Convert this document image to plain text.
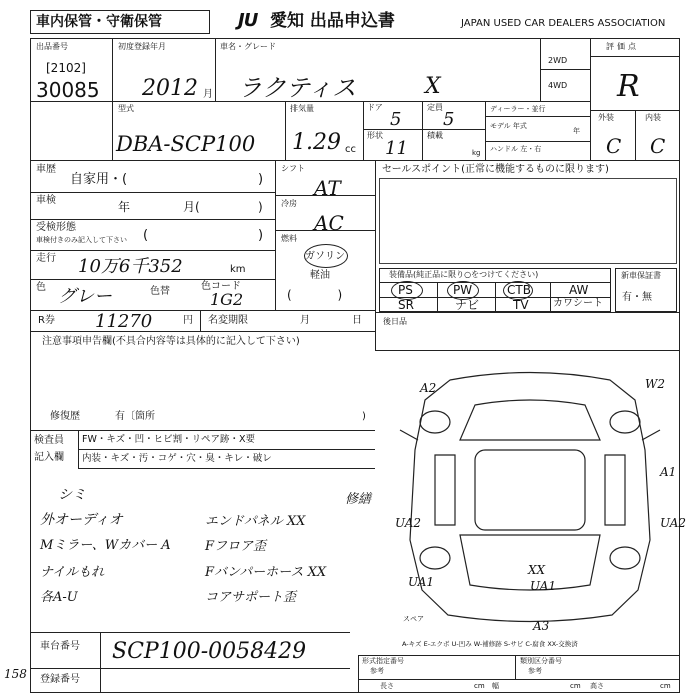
車内保管・守衛保管	JU 愛知 出品申込書	JAPAN USED CAR DEALERS ASSOCIATION
出品番号
[2102]
30085
初度登録年月
2012 月
車名・グレード
ラクティス	X
2WD
4WD
評価点
R
型式
DBA-SCP100
排気量
1.29 cc
ドア
5
形状
11
定員
5
積載
kg
ディーラー・並行
モデル 年式
年
ハンドル 左・右
外装	内装
C C
車歴
自家用・(	)
車検	年	月(	)
受検形態
車検付きのみ記入して下さい (	)
走行 10万6千352	km
色 グレー	色替	色コード
1G2
R券 11270	円 名変期限	月	日
注意事項申告欄(不具合内容等は具体的に記入して下さい)
修復歴	有〔箇所	)
検査員
記入欄
FW・キズ・凹・ヒビ割・リペア跡・X要
内装・キズ・汚・コゲ・穴・臭・キレ・破レ
シフト
AT
冷房
AC
燃料
ガソリン
軽油
(            )
セールスポイント(正常に機能するものに限ります)
装備品(純正品に限り○をつけてください)
PS	PW	CTB	AW
SR	ナビ	TV カワシート
新車保証書
有・無
後日品
シミ
外オーディオ
Mミラー、Wカバー A
ナイルもれ
各A-U
修繕
エンドパネル XX
Fフロア歪
Fバンパーホース XX
コアサポート歪
A2	W2
A1
UA2	UA2
UA1
XX
UA1
A3
スペア
A-キズ E-エクボ U-凹み W-補修跡 S-サビ C-腐食 XX-交換済
車台番号 SCP100-0058429
登録番号
形式指定番号
参考
類別区分番号
参考
長さ	cm 幅	cm 高さ	cm
158
